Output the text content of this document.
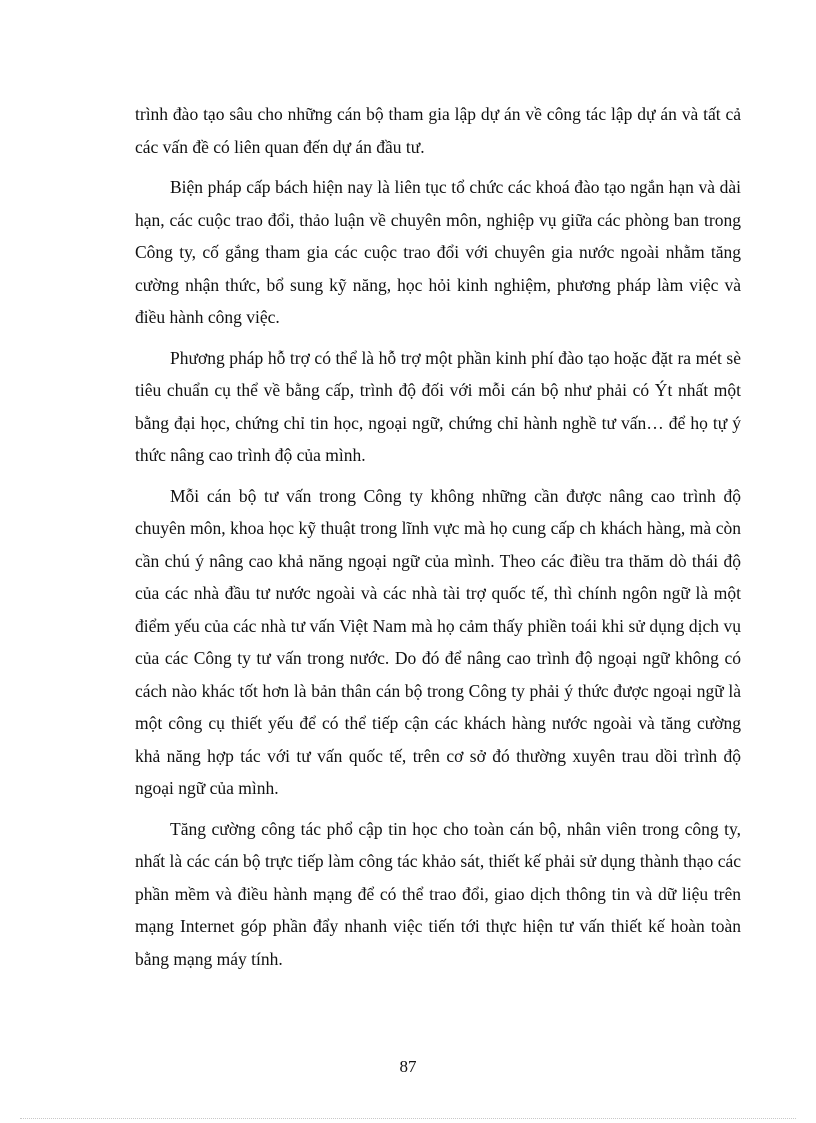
trình đào tạo sâu cho những cán bộ tham gia lập dự án về công tác lập dự án và tất cả các vấn đề có liên quan đến dự án đầu tư.

Biện pháp cấp bách hiện nay là liên tục tổ chức các khoá đào tạo ngắn hạn và dài hạn, các cuộc trao đổi, thảo luận về chuyên môn, nghiệp vụ giữa các phòng ban trong Công ty, cố gắng tham gia các cuộc trao đổi với chuyên gia nước ngoài nhằm tăng cường nhận thức, bổ sung kỹ năng, học hỏi kinh nghiệm, phương pháp làm việc và điều hành công việc.

Phương pháp hỗ trợ có thể là hỗ trợ một phần kinh phí đào tạo hoặc đặt ra mét sè tiêu chuẩn cụ thể về bằng cấp, trình độ đối với mỗi cán bộ như phải có Ýt nhất một bằng đại học, chứng chỉ tin học, ngoại ngữ, chứng chỉ hành nghề tư vấn… để họ tự ý thức nâng cao trình độ của mình.

Mỗi cán bộ tư vấn trong Công ty không những cần được nâng cao trình độ chuyên môn, khoa học kỹ thuật trong lĩnh vực mà họ cung cấp ch khách hàng, mà còn cần chú ý nâng cao khả năng ngoại ngữ của mình. Theo các điều tra thăm dò thái độ của các nhà đầu tư nước ngoài và các nhà tài trợ quốc tế, thì chính ngôn ngữ là một điểm yếu của các nhà tư vấn Việt Nam mà họ cảm thấy phiền toái khi sử dụng dịch vụ của các Công ty tư vấn trong nước. Do đó để nâng cao trình độ ngoại ngữ không có cách nào khác tốt hơn là bản thân cán bộ trong Công ty phải ý thức được ngoại ngữ là một công cụ thiết yếu để có thể tiếp cận các khách hàng nước ngoài và tăng cường khả năng hợp tác với tư vấn quốc tế, trên cơ sở đó thường xuyên trau dồi trình độ ngoại ngữ của mình.

Tăng cường công tác phổ cập tin học cho toàn cán bộ, nhân viên trong công ty, nhất là các cán bộ trực tiếp làm công tác khảo sát, thiết kế phải sử dụng thành thạo các phần mềm và điều hành mạng để có thể trao đổi, giao dịch thông tin và dữ liệu trên mạng Internet góp phần đẩy nhanh việc tiến tới thực hiện tư vấn thiết kế hoàn toàn bằng mạng máy tính.

87
